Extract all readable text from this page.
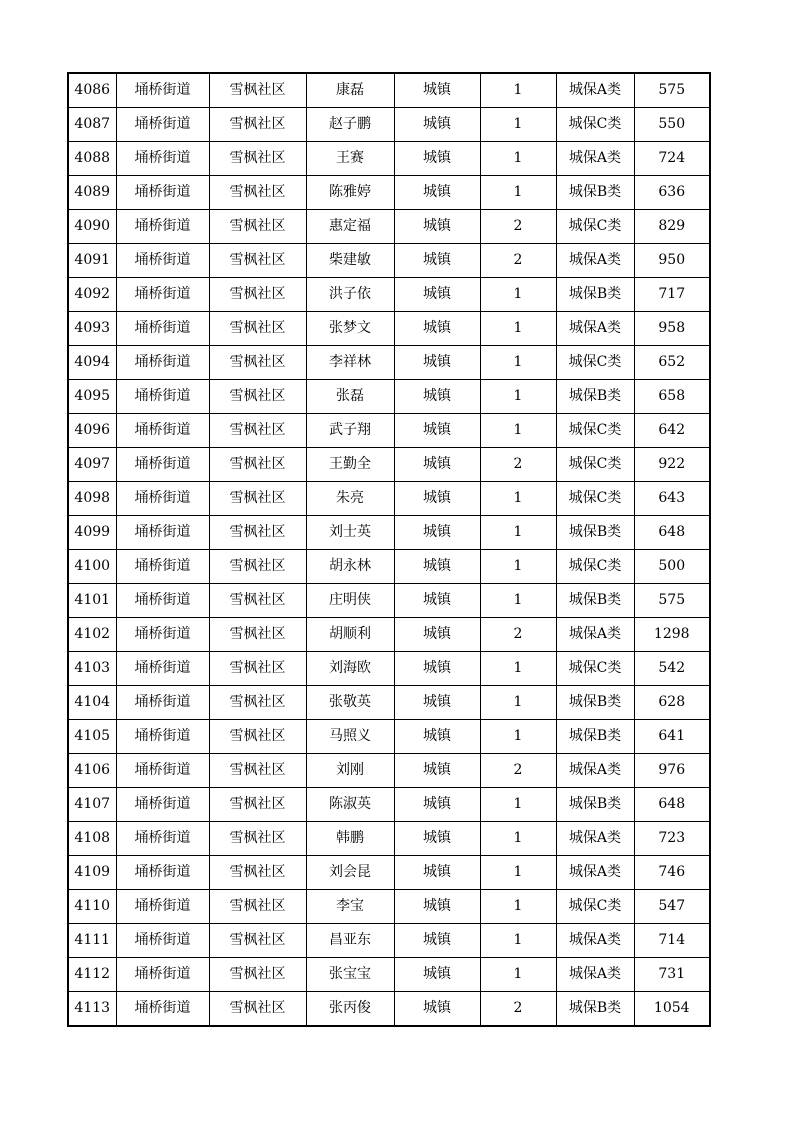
4086	埇桥街道	雪枫社区	康磊	城镇	1	城保A类	575
4087	埇桥街道	雪枫社区	赵子鹏	城镇	1	城保C类	550
4088	埇桥街道	雪枫社区	王赛	城镇	1	城保A类	724
4089	埇桥街道	雪枫社区	陈雅婷	城镇	1	城保B类	636
4090	埇桥街道	雪枫社区	惠定福	城镇	2	城保C类	829
4091	埇桥街道	雪枫社区	柴建敏	城镇	2	城保A类	950
4092	埇桥街道	雪枫社区	洪子依	城镇	1	城保B类	717
4093	埇桥街道	雪枫社区	张梦文	城镇	1	城保A类	958
4094	埇桥街道	雪枫社区	李祥林	城镇	1	城保C类	652
4095	埇桥街道	雪枫社区	张磊	城镇	1	城保B类	658
4096	埇桥街道	雪枫社区	武子翔	城镇	1	城保C类	642
4097	埇桥街道	雪枫社区	王勤全	城镇	2	城保C类	922
4098	埇桥街道	雪枫社区	朱亮	城镇	1	城保C类	643
4099	埇桥街道	雪枫社区	刘士英	城镇	1	城保B类	648
4100	埇桥街道	雪枫社区	胡永林	城镇	1	城保C类	500
4101	埇桥街道	雪枫社区	庄明侠	城镇	1	城保B类	575
4102	埇桥街道	雪枫社区	胡顺利	城镇	2	城保A类	1298
4103	埇桥街道	雪枫社区	刘海欧	城镇	1	城保C类	542
4104	埇桥街道	雪枫社区	张敬英	城镇	1	城保B类	628
4105	埇桥街道	雪枫社区	马照义	城镇	1	城保B类	641
4106	埇桥街道	雪枫社区	刘刚	城镇	2	城保A类	976
4107	埇桥街道	雪枫社区	陈淑英	城镇	1	城保B类	648
4108	埇桥街道	雪枫社区	韩鹏	城镇	1	城保A类	723
4109	埇桥街道	雪枫社区	刘会昆	城镇	1	城保A类	746
4110	埇桥街道	雪枫社区	李宝	城镇	1	城保C类	547
4111	埇桥街道	雪枫社区	昌亚东	城镇	1	城保A类	714
4112	埇桥街道	雪枫社区	张宝宝	城镇	1	城保A类	731
4113	埇桥街道	雪枫社区	张丙俊	城镇	2	城保B类	1054
